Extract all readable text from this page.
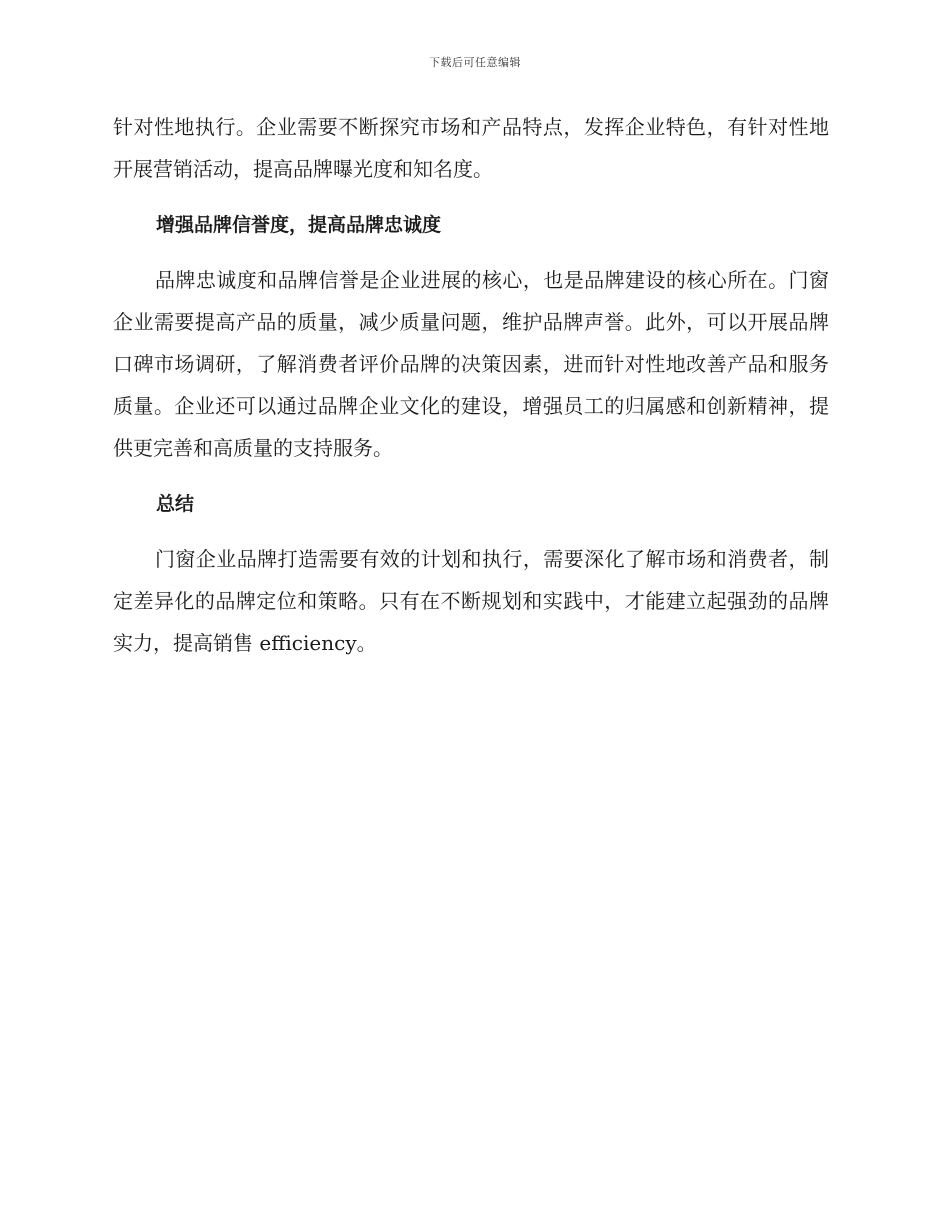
下载后可任意编辑

针对性地执行。企业需要不断探究市场和产品特点，发挥企业特色，有针对性地开展营销活动，提高品牌曝光度和知名度。

增强品牌信誉度，提高品牌忠诚度

品牌忠诚度和品牌信誉是企业进展的核心，也是品牌建设的核心所在。门窗企业需要提高产品的质量，减少质量问题，维护品牌声誉。此外，可以开展品牌口碑市场调研，了解消费者评价品牌的决策因素，进而针对性地改善产品和服务质量。企业还可以通过品牌企业文化的建设，增强员工的归属感和创新精神，提供更完善和高质量的支持服务。

总结

门窗企业品牌打造需要有效的计划和执行，需要深化了解市场和消费者，制定差异化的品牌定位和策略。只有在不断规划和实践中，才能建立起强劲的品牌实力，提高销售 efficiency。
